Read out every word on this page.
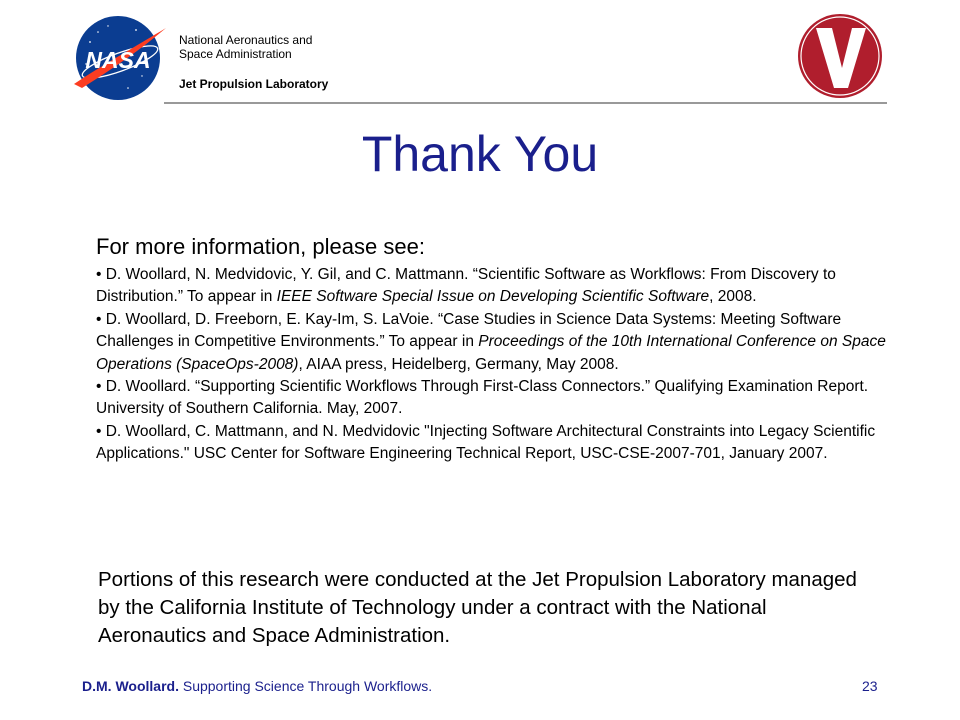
NASA
National Aeronautics and
Space Administration
Jet Propulsion Laboratory
Thank You
For more information, please see:
• D. Woollard, N. Medvidovic, Y. Gil, and C. Mattmann. “Scientific Software as Workflows: From Discovery to Distribution.” To appear in IEEE Software Special Issue on Developing Scientific Software, 2008.
• D. Woollard, D. Freeborn, E. Kay-Im, S. LaVoie. “Case Studies in Science Data Systems: Meeting Software Challenges in Competitive Environments.” To appear in Proceedings of the 10th International Conference on Space Operations (SpaceOps-2008), AIAA press, Heidelberg, Germany, May 2008.
• D. Woollard. “Supporting Scientific Workflows Through First-Class Connectors.” Qualifying Examination Report. University of Southern California. May, 2007.
• D. Woollard, C. Mattmann, and N. Medvidovic "Injecting Software Architectural Constraints into Legacy Scientific Applications." USC Center for Software Engineering Technical Report, USC-CSE-2007-701, January 2007.
Portions of this research were conducted at the Jet Propulsion Laboratory managed by the California Institute of Technology under a contract with the National Aeronautics and Space Administration.
D.M. Woollard. Supporting Science Through Workflows.	23
